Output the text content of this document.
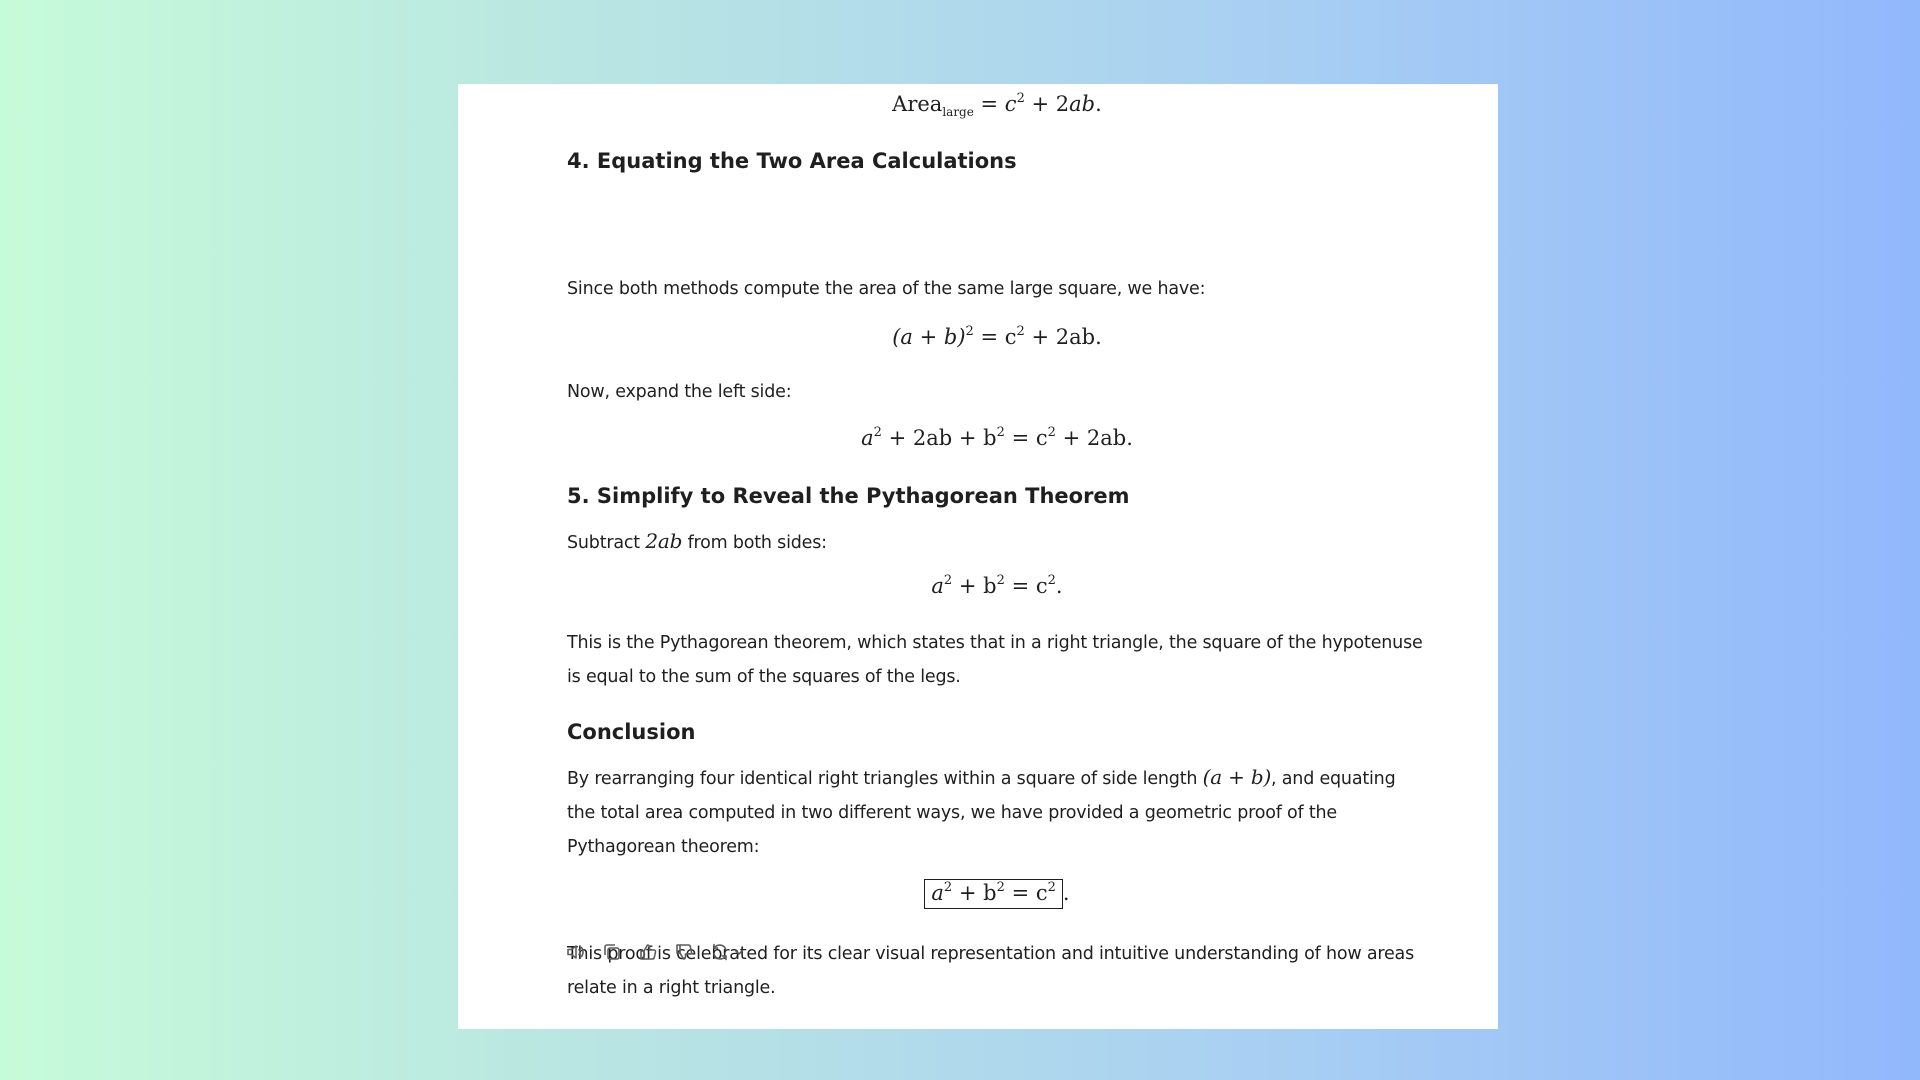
Area$_{large}$ = $c^2 + 2ab$.
4. Equating the Two Area Calculations

Since both methods compute the area of the same large square, we have:

$(a + b)^2 = c^2 + 2ab$.

Now, expand the left side:

$a^2 + 2ab + b^2 = c^2 + 2ab$.
5. Simplify to Reveal the Pythagorean Theorem

Subtract 2ab from both sides:

$a^2 + b^2 = c^2$.

This is the Pythagorean theorem, which states that in a right triangle, the square of the hypotenuse is equal to the sum of the squares of the legs.

Conclusion

By rearranging four identical right triangles within a square of side length (a + b), and equating the total area computed in two different ways, we have provided a geometric proof of the Pythagorean theorem:

$a^2 + b^2 = c^2$ .

This proof is celebrated for its clear visual representation and intuitive understanding of how areas relate in a right triangle.
